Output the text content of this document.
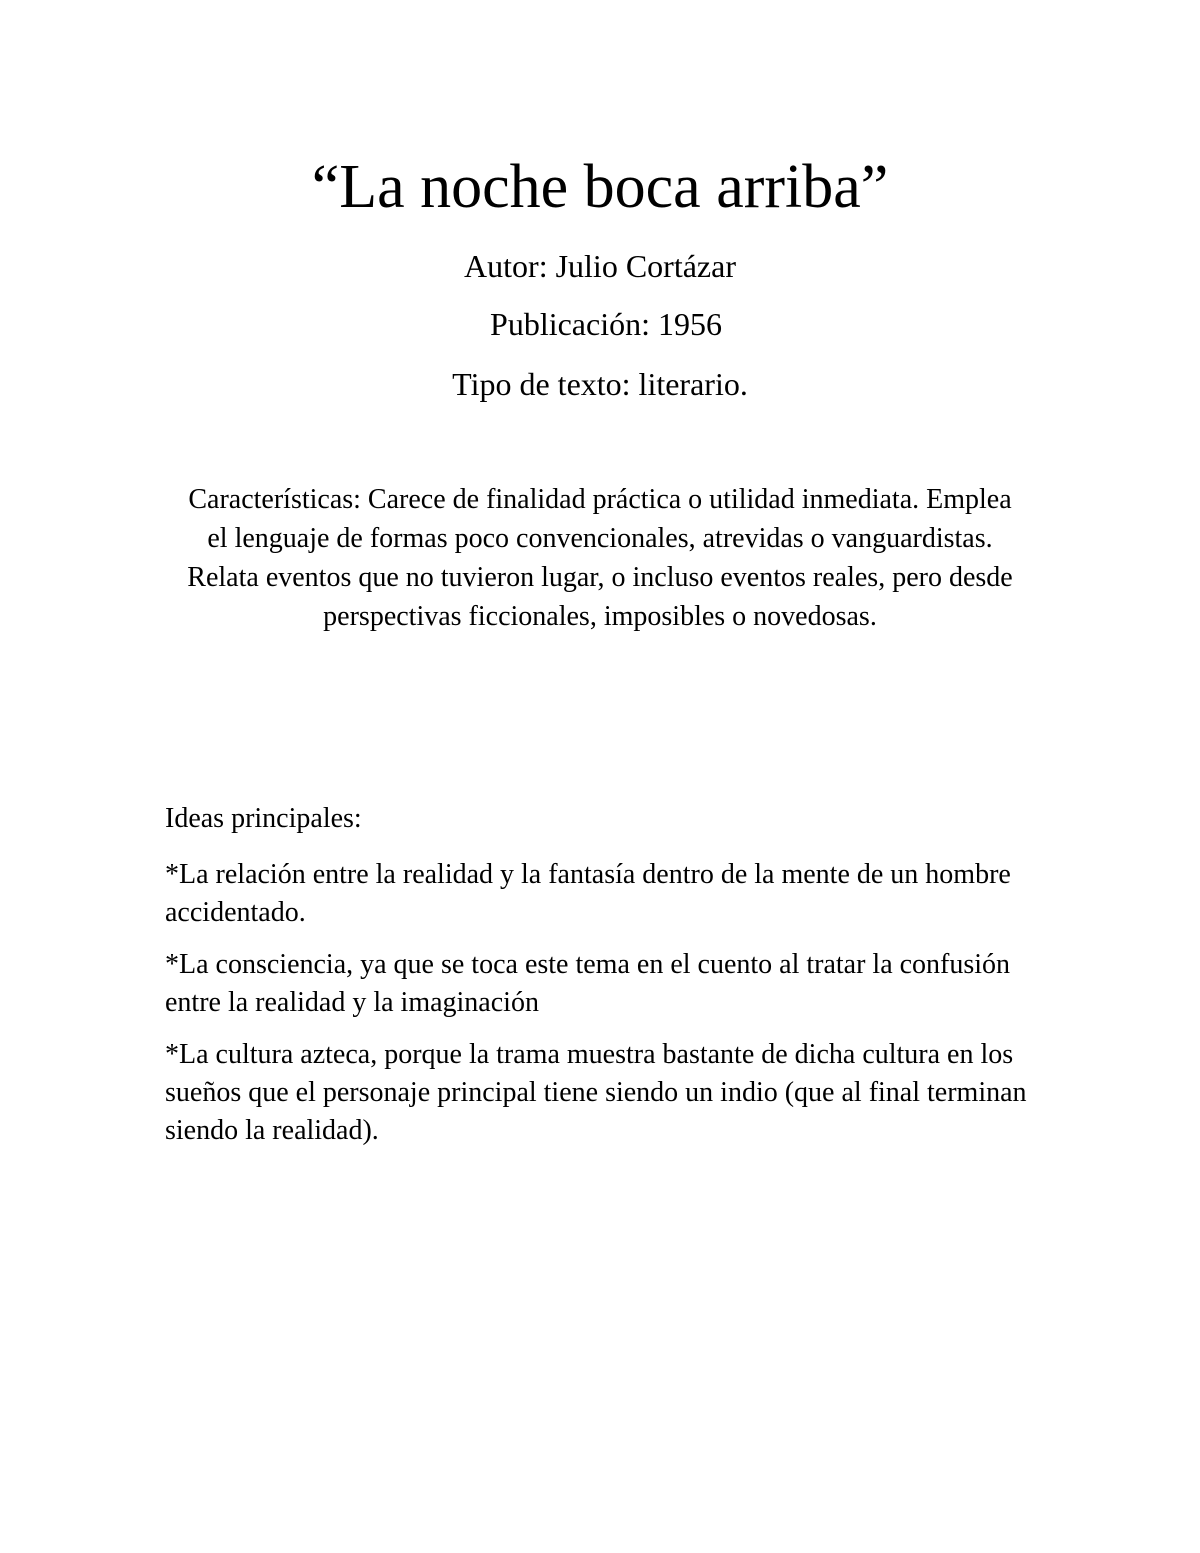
“La noche boca arriba”

Autor: Julio Cortázar

Publicación: 1956

Tipo de texto: literario.

Características: Carece de finalidad práctica o utilidad inmediata. Emplea el lenguaje de formas poco convencionales, atrevidas o vanguardistas. Relata eventos que no tuvieron lugar, o incluso eventos reales, pero desde perspectivas ficcionales, imposibles o novedosas.

Ideas principales:

*La relación entre la realidad y la fantasía dentro de la mente de un hombre accidentado.

*La consciencia, ya que se toca este tema en el cuento al tratar la confusión entre la realidad y la imaginación

*La cultura azteca, porque la trama muestra bastante de dicha cultura en los sueños que el personaje principal tiene siendo un indio (que al final terminan siendo la realidad).
